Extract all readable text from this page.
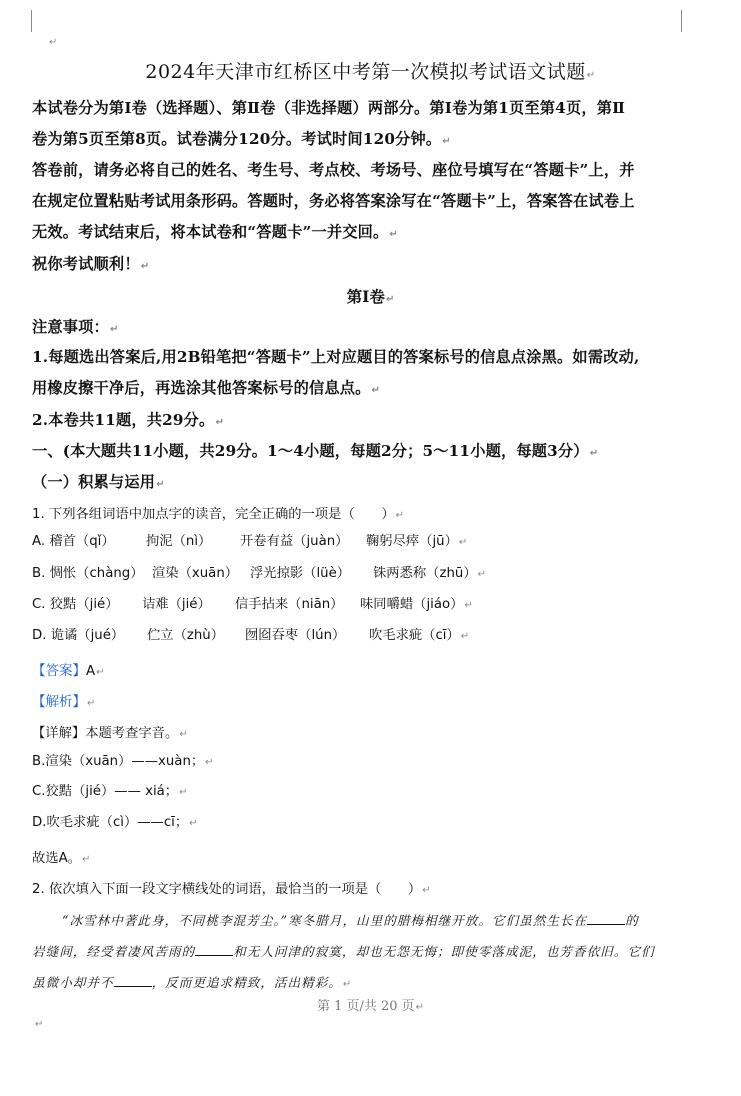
↵
2024年天津市红桥区中考第一次模拟考试语文试题↵
本试卷分为第Ⅰ卷（选择题）、第Ⅱ卷（非选择题）两部分。第Ⅰ卷为第1页至第4页，第Ⅱ
卷为第5页至第8页。试卷满分120分。考试时间120分钟。↵
答卷前，请务必将自己的姓名、考生号、考点校、考场号、座位号填写在“答题卡”上，并
在规定位置粘贴考试用条形码。答题时，务必将答案涂写在“答题卡”上，答案答在试卷上
无效。考试结束后，将本试卷和“答题卡”一并交回。↵
祝你考试顺利！↵
第Ⅰ卷↵
注意事项：↵
1.每题选出答案后,用2B铅笔把“答题卡”上对应题目的答案标号的信息点涂黑。如需改动,
用橡皮擦干净后，再选涂其他答案标号的信息点。↵
2.本卷共11题，共29分。↵
一、(本大题共11小题，共29分。1～4小题，每题2分；5～11小题，每题3分）↵
（一）积累与运用↵
1. 下列各组词语中加点字的读音，完全正确的一项是（　　）↵
A. 稽首（qǐ） 拘泥（nì） 开卷有益（juàn） 鞠躬尽瘁（jū）↵
B. 惆怅（chàng） 渲染（xuān） 浮光掠影（lüè） 铢两悉称（zhū）↵
C. 狡黠（jié） 诘难（jié） 信手拈来（niān） 味同嚼蜡（jiáo）↵
D. 诡谲（jué） 伫立（zhù） 囫囵吞枣（lún） 吹毛求疵（cī）↵
【答案】A↵
【解析】↵
【详解】本题考查字音。↵
B.渲染（xuān）——xuàn；↵
C.狡黠（jié）—— xiá；↵
D.吹毛求疵（cì）——cī；↵
故选A。↵
2. 依次填入下面一段文字横线处的词语，最恰当的一项是（　　）↵
“冰雪林中著此身，不同桃李混芳尘。”寒冬腊月，山里的腊梅相继开放。它们虽然生长在	的
岩缝间，经受着凄风苦雨的	和无人问津的寂寞，却也无怨无悔；即使零落成泥，也芳香依旧。它们
虽微小却并不	，反而更追求精致，活出精彩。↵
第 1 页/共 20 页↵
↵
